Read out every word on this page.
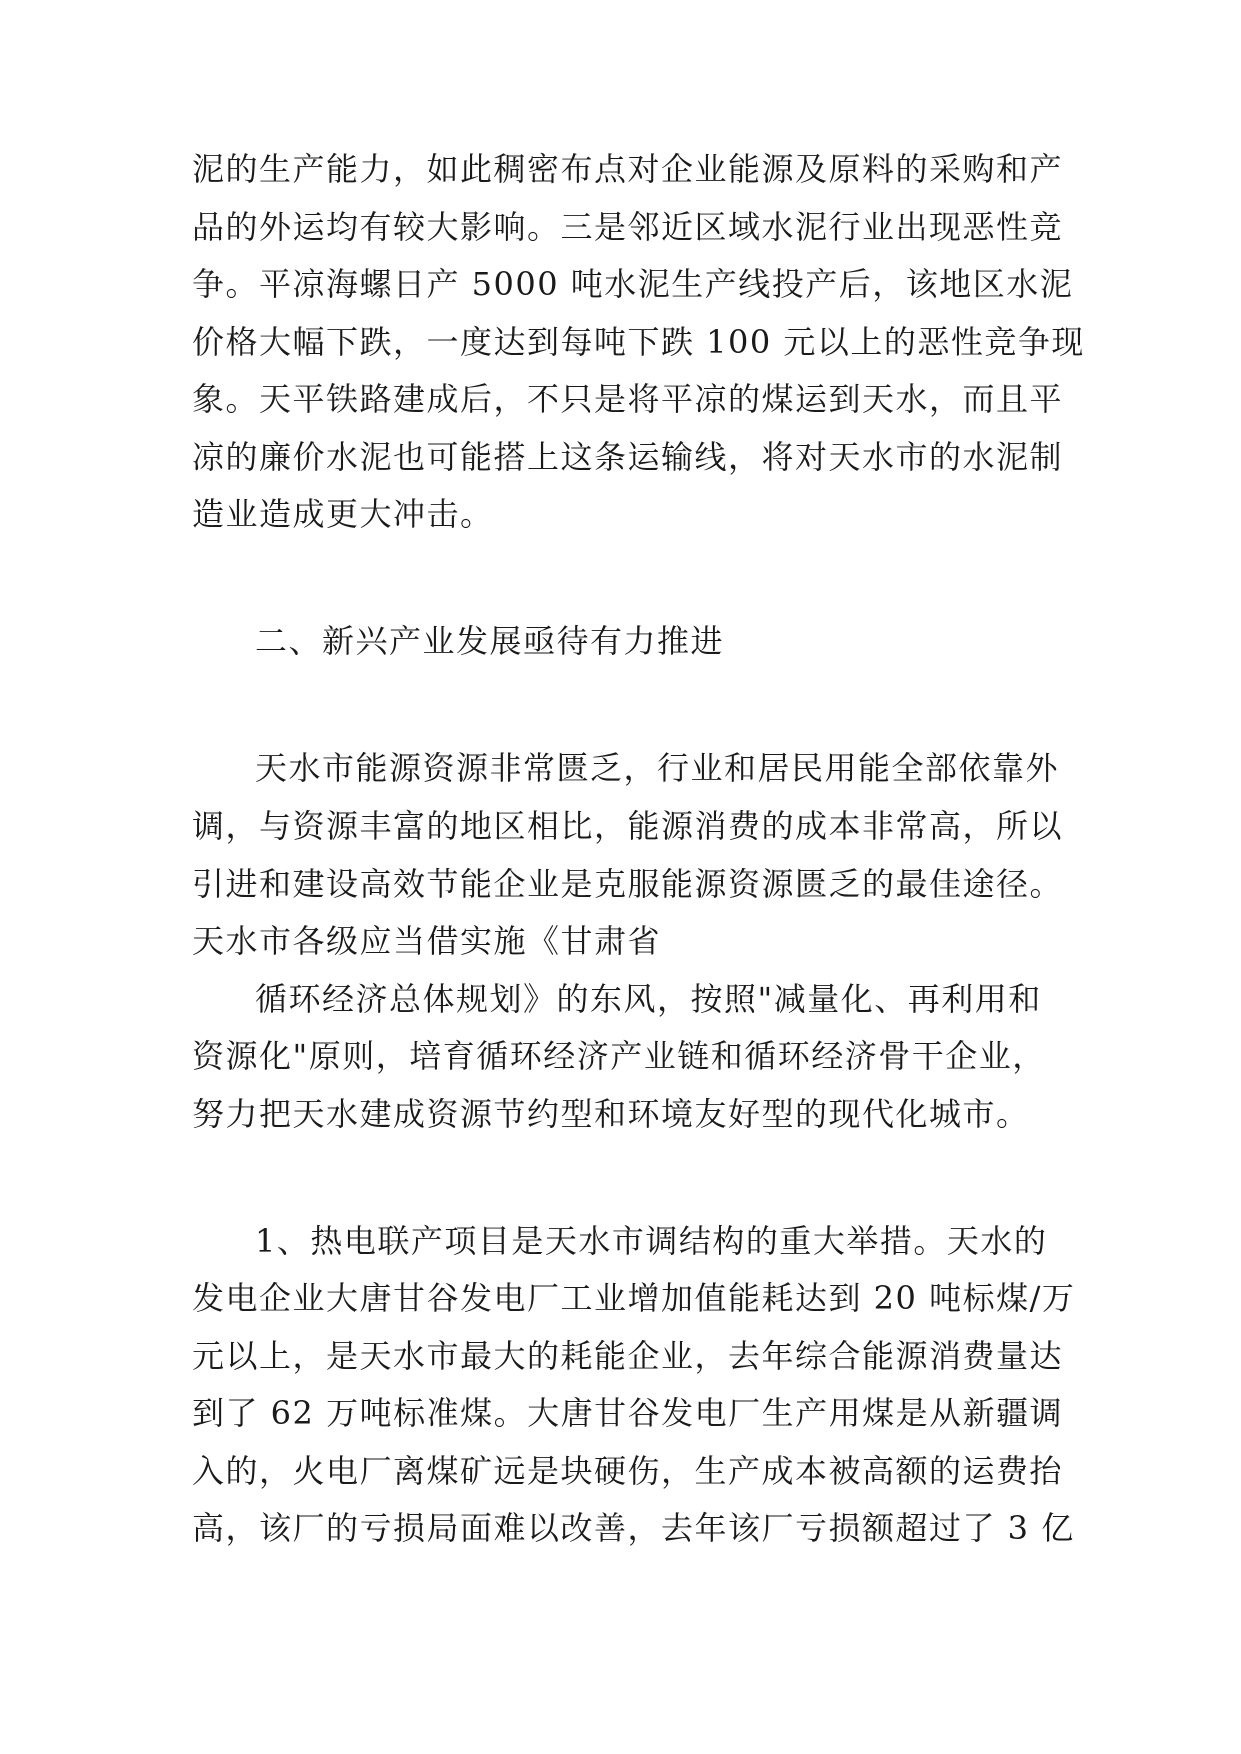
泥的生产能力，如此稠密布点对企业能源及原料的采购和产
品的外运均有较大影响。三是邻近区域水泥行业出现恶性竞
争。平凉海螺日产 5000 吨水泥生产线投产后，该地区水泥
价格大幅下跌，一度达到每吨下跌 100 元以上的恶性竞争现
象。天平铁路建成后，不只是将平凉的煤运到天水，而且平
凉的廉价水泥也可能搭上这条运输线，将对天水市的水泥制
造业造成更大冲击。
二、新兴产业发展亟待有力推进
天水市能源资源非常匮乏，行业和居民用能全部依靠外
调，与资源丰富的地区相比，能源消费的成本非常高，所以
引进和建设高效节能企业是克服能源资源匮乏的最佳途径。
天水市各级应当借实施《甘肃省
循环经济总体规划》的东风，按照"减量化、再利用和
资源化"原则，培育循环经济产业链和循环经济骨干企业，
努力把天水建成资源节约型和环境友好型的现代化城市。
1、热电联产项目是天水市调结构的重大举措。天水的
发电企业大唐甘谷发电厂工业增加值能耗达到 20 吨标煤/万
元以上，是天水市最大的耗能企业，去年综合能源消费量达
到了 62 万吨标准煤。大唐甘谷发电厂生产用煤是从新疆调
入的，火电厂离煤矿远是块硬伤，生产成本被高额的运费抬
高，该厂的亏损局面难以改善，去年该厂亏损额超过了 3 亿
